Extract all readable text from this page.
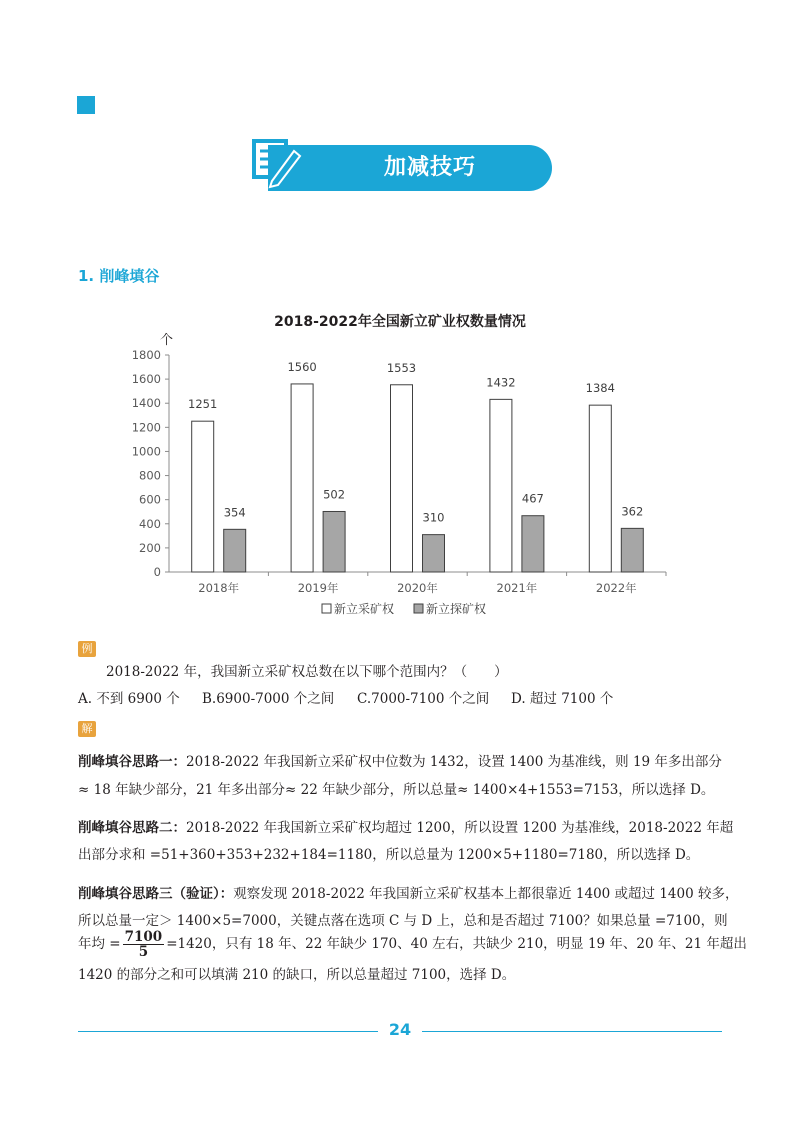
加减技巧
1. 削峰填谷
2018-2022年全国新立矿业权数量情况
个
0
200
400
600
800
1000
1200
1400
1600
1800
2018年
1251
354
2019年
1560
502
2020年
1553
310
2021年
1432
467
2022年
1384
362
新立采矿权	新立探矿权
例
2018-2022 年，我国新立采矿权总数在以下哪个范围内？（　　）
A. 不到 6900 个 B.6900-7000 个之间 C.7000-7100 个之间 D. 超过 7100 个
解
削峰填谷思路一：2018-2022 年我国新立采矿权中位数为 1432，设置 1400 为基准线，则 19 年多出部分
≈ 18 年缺少部分，21 年多出部分≈ 22 年缺少部分，所以总量≈ 1400×4+1553=7153，所以选择 D。
削峰填谷思路二：2018-2022 年我国新立采矿权均超过 1200，所以设置 1200 为基准线，2018-2022 年超
出部分求和 =51+360+353+232+184=1180，所以总量为 1200×5+1180=7180，所以选择 D。
削峰填谷思路三（验证）：观察发现 2018-2022 年我国新立采矿权基本上都很靠近 1400 或超过 1400 较多，
所以总量一定＞ 1400×5=7000，关键点落在选项 C 与 D 上，总和是否超过 7100？如果总量 =7100，则
年均 = $\frac{7100}{5} =1420$，只有 18 年、22 年缺少 170、40 左右，共缺少 210，明显 19 年、20 年、21 年超出
1420 的部分之和可以填满 210 的缺口，所以总量超过 7100，选择 D。
24
